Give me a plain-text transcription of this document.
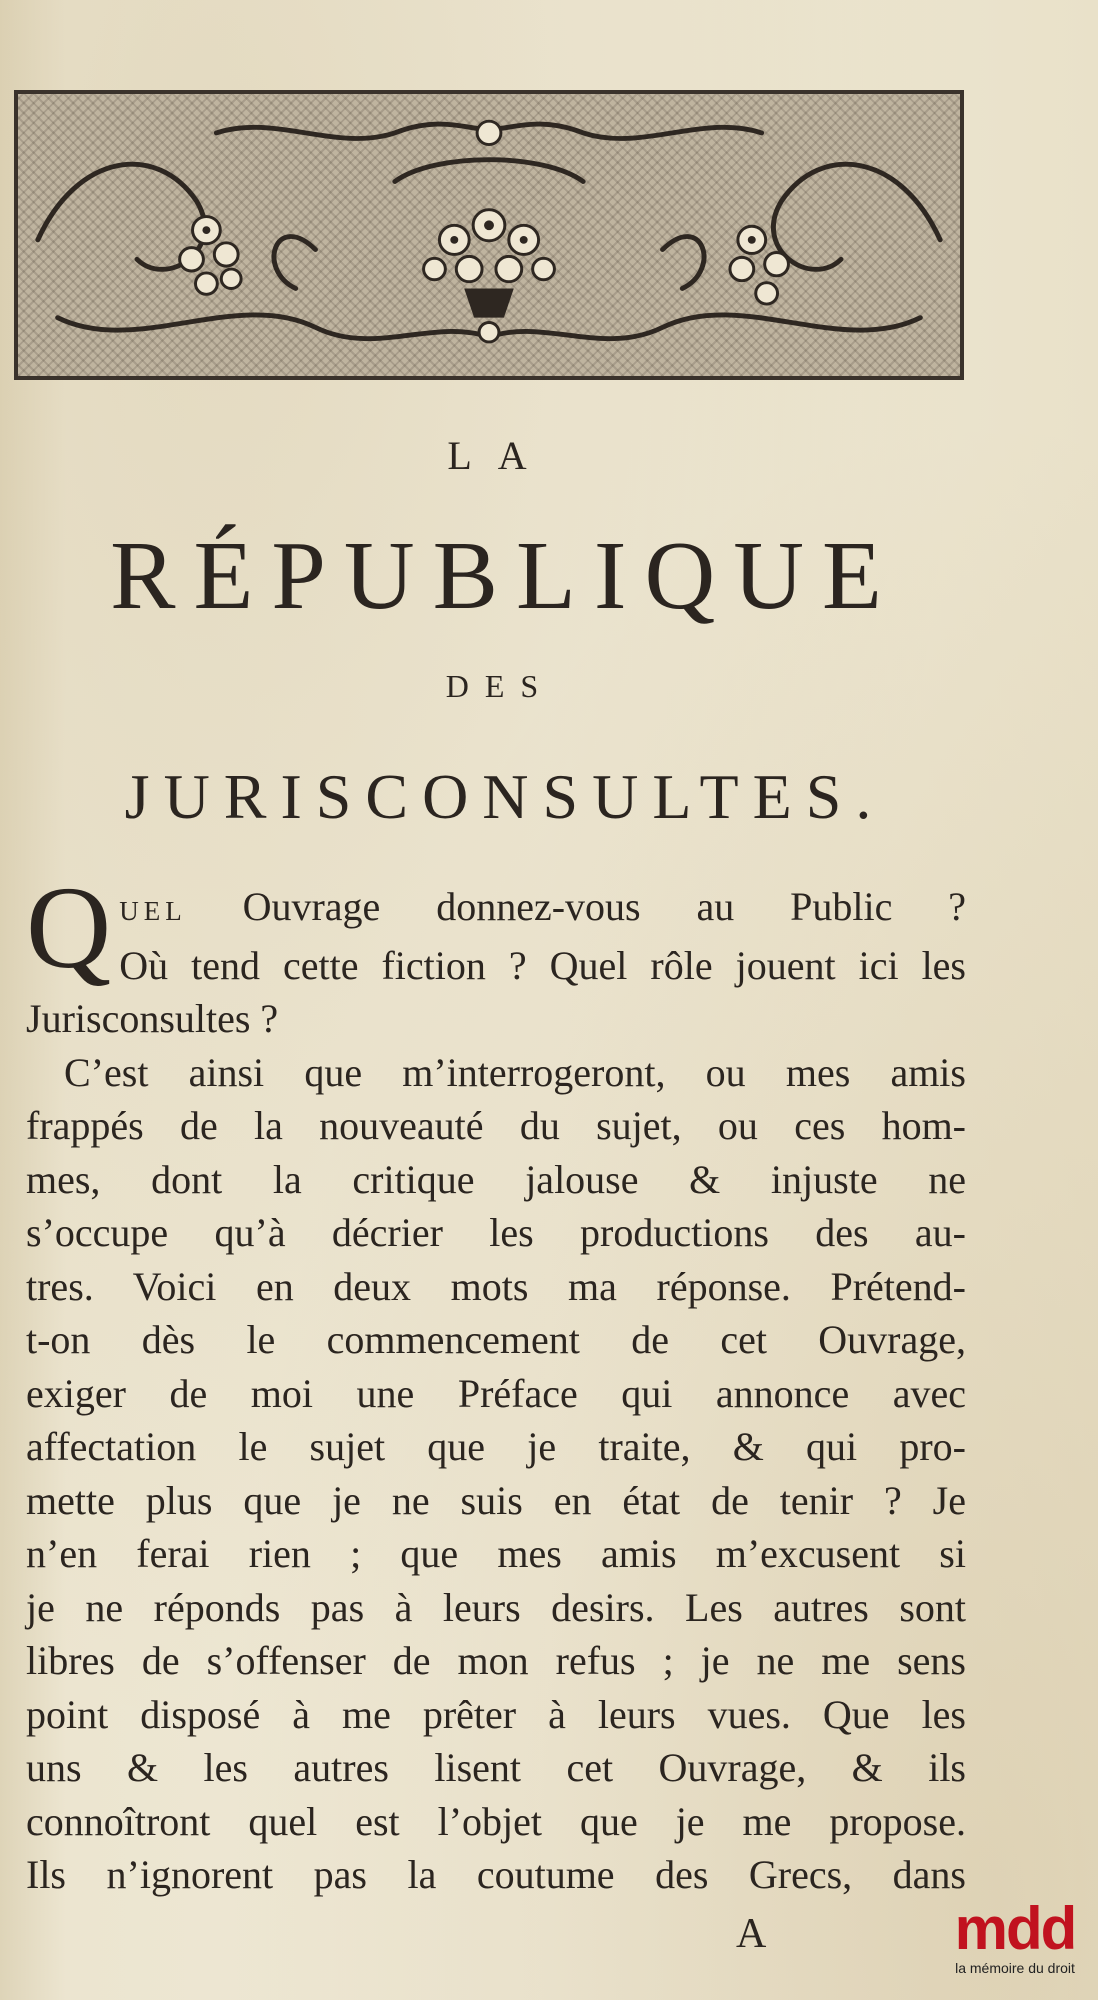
LA
RÉPUBLIQUE
DES
JURISCONSULTES.
Q UEL Ouvrage donnez-vous au Public ?
Où tend cette fiction ? Quel rôle jouent ici les
Jurisconsultes ?
C’est ainsi que m’interrogeront, ou mes amis
frappés de la nouveauté du sujet, ou ces hom-
mes, dont la critique jalouse & injuste ne
s’occupe qu’à décrier les productions des au-
tres. Voici en deux mots ma réponse. Prétend-
t-on dès le commencement de cet Ouvrage,
exiger de moi une Préface qui annonce avec
affectation le sujet que je traite, & qui pro-
mette plus que je ne suis en état de tenir ? Je
n’en ferai rien ; que mes amis m’excusent si
je ne réponds pas à leurs desirs. Les autres sont
libres de s’offenser de mon refus ; je ne me sens
point disposé à me prêter à leurs vues. Que les
uns & les autres lisent cet Ouvrage, & ils
connoîtront quel est l’objet que je me propose.
Ils n’ignorent pas la coutume des Grecs, dans
A	mdd
la mémoire du droit
